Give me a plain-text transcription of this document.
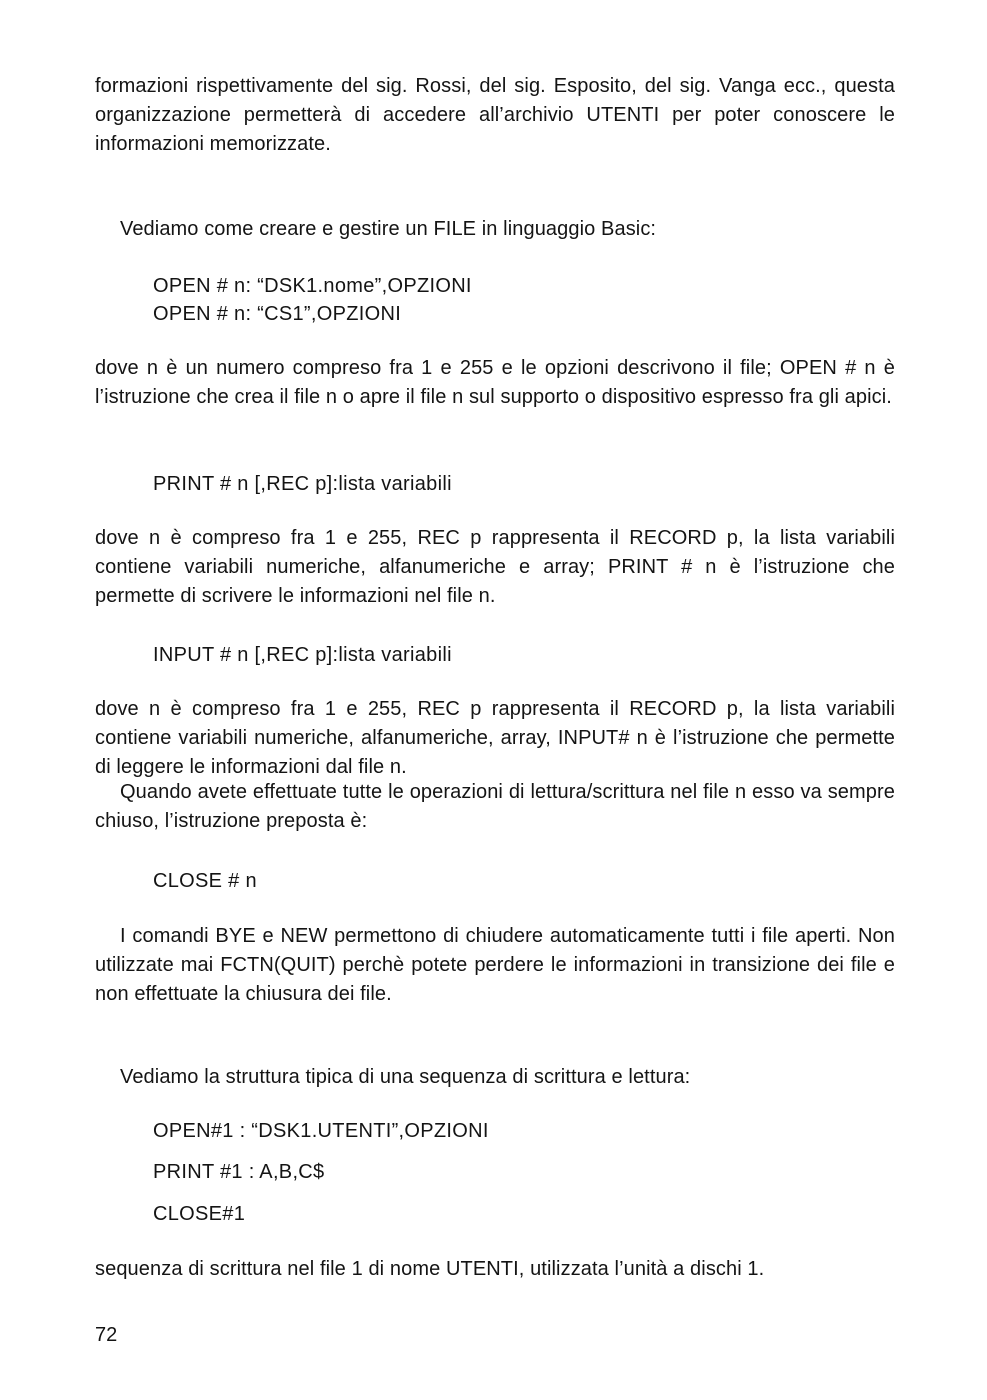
formazioni rispettivamente del sig. Rossi, del sig. Esposito, del sig. Vanga ecc., questa organizzazione permetterà di accedere all’archivio UTENTI per poter conoscere le informazioni memorizzate.

Vediamo come creare e gestire un FILE in linguaggio Basic:

OPEN # n: “DSK1.nome”,OPZIONI

OPEN # n: “CS1”,OPZIONI

dove n è un numero compreso fra 1 e 255 e le opzioni descrivono il file; OPEN # n è l’istruzione che crea il file n o apre il file n sul supporto o dispositivo espresso fra gli apici.

PRINT # n [,REC p]:lista variabili

dove n è compreso fra 1 e 255, REC p rappresenta il RECORD p, la lista variabili contiene variabili numeriche, alfanumeriche e array; PRINT # n è l’istruzione che permette di scrivere le informazioni nel file n.

INPUT # n [,REC p]:lista variabili

dove n è compreso fra 1 e 255, REC p rappresenta il RECORD p, la lista variabili contiene variabili numeriche, alfanumeriche, array, INPUT# n è l’istruzione che permette di leggere le informazioni dal file n.

Quando avete effettuate tutte le operazioni di lettura/scrittura nel file n esso va sempre chiuso, l’istruzione preposta è:

CLOSE # n

I comandi BYE e NEW permettono di chiudere automaticamente tutti i file aperti. Non utilizzate mai FCTN(QUIT) perchè potete perdere le informazioni in transizione dei file e non effettuate la chiusura dei file.

Vediamo la struttura tipica di una sequenza di scrittura e lettura:

OPEN#1 : “DSK1.UTENTI”,OPZIONI

PRINT #1 : A,B,C$

CLOSE#1

sequenza di scrittura nel file 1 di nome UTENTI, utilizzata l’unità a dischi 1.

72
